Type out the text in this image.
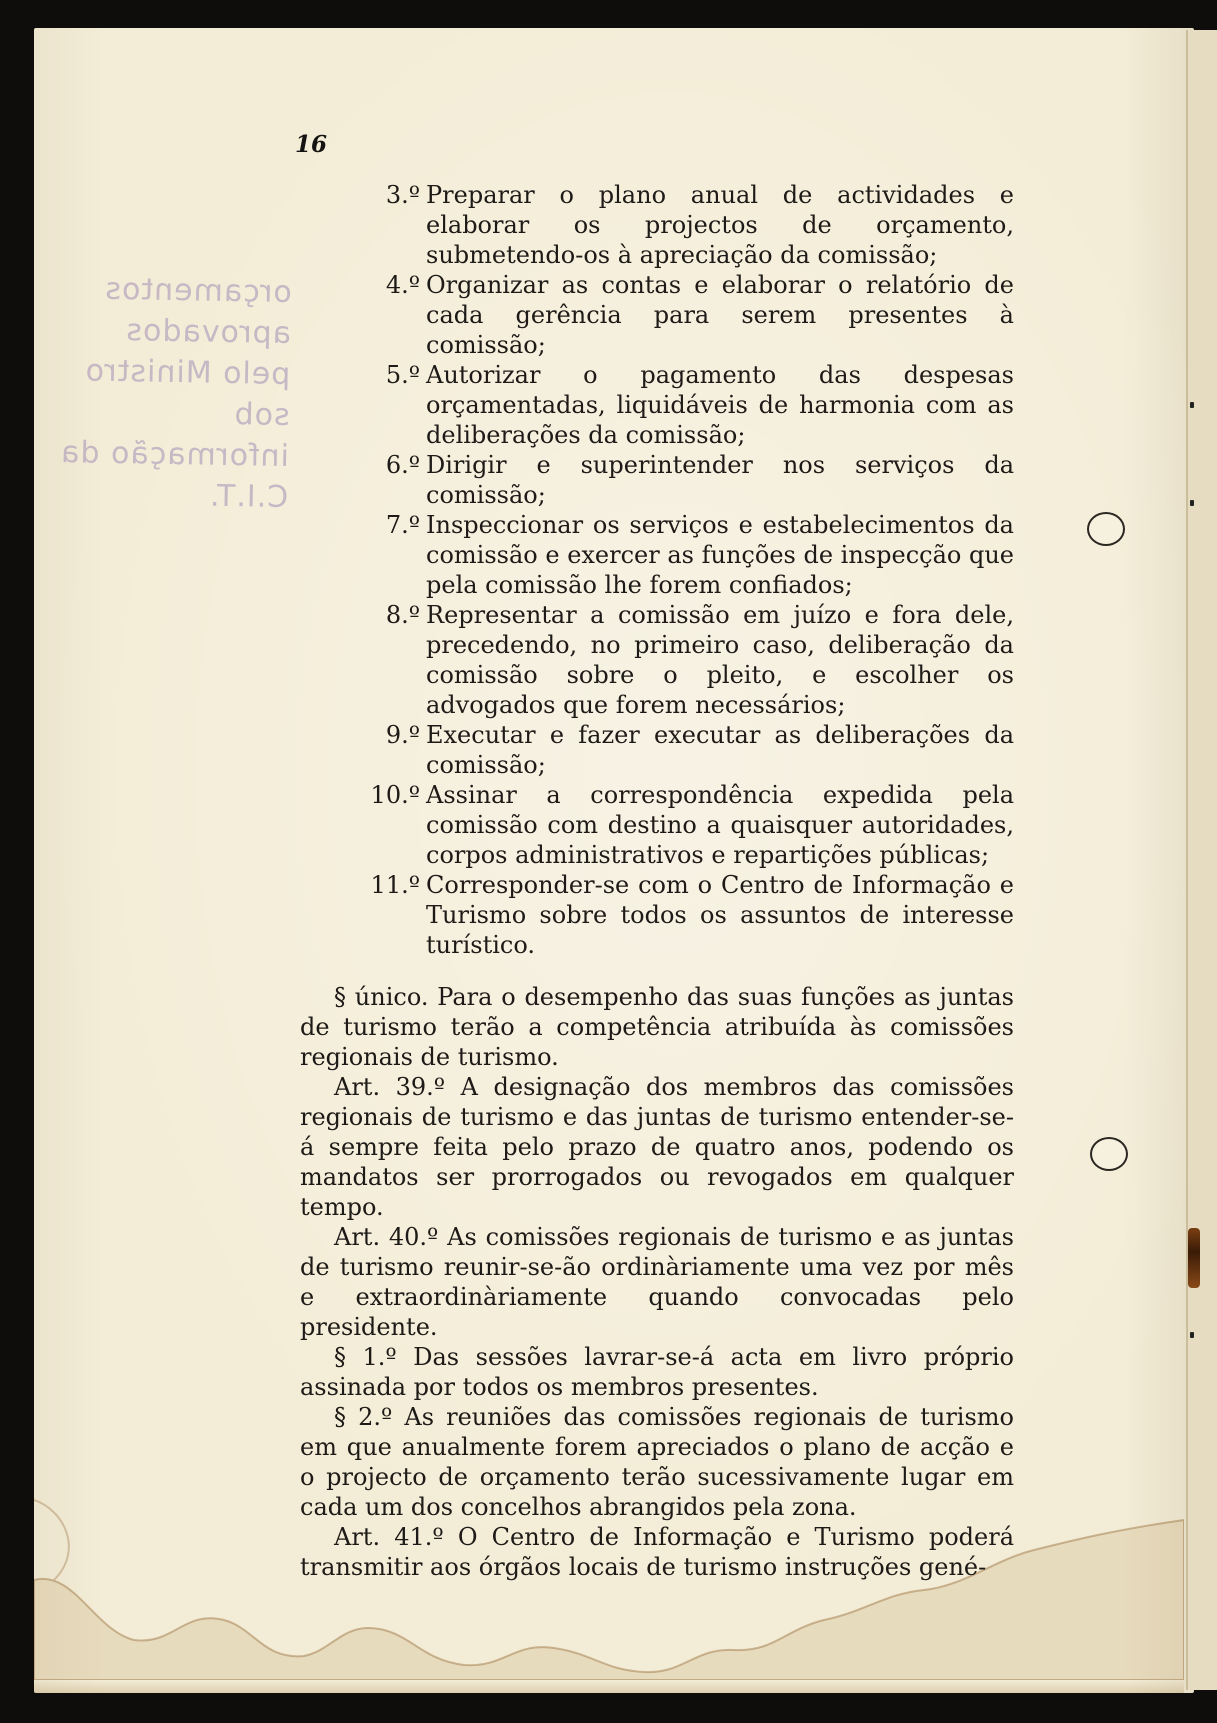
orçamentos aprovados pelo Ministro sob informação da C.I.T.
16
3.º Preparar o plano anual de actividades e elaborar os projectos de orçamento, submetendo-os à apreciação da comissão;
4.º Organizar as contas e elaborar o relatório de cada gerência para serem presentes à comissão;
5.º Autorizar o pagamento das despesas orçamentadas, liquidáveis de harmonia com as deliberações da comissão;
6.º Dirigir e superintender nos serviços da comissão;
7.º Inspeccionar os serviços e estabelecimentos da comissão e exercer as funções de inspecção que pela comissão lhe forem confiados;
8.º Representar a comissão em juízo e fora dele, precedendo, no primeiro caso, deliberação da comissão sobre o pleito, e escolher os advogados que forem necessários;
9.º Executar e fazer executar as deliberações da comissão;
10.º Assinar a correspondência expedida pela comissão com destino a quaisquer autoridades, corpos administrativos e repartições públicas;
11.º Corresponder-se com o Centro de Informação e Turismo sobre todos os assuntos de interesse turístico.

§ único. Para o desempenho das suas funções as juntas de turismo terão a competência atribuída às comissões regionais de turismo.

Art. 39.º A designação dos membros das comissões regionais de turismo e das juntas de turismo entender-se-á sempre feita pelo prazo de quatro anos, podendo os mandatos ser prorrogados ou revogados em qualquer tempo.

Art. 40.º As comissões regionais de turismo e as juntas de turismo reunir-se-ão ordinàriamente uma vez por mês e extraordinàriamente quando convocadas pelo presidente.

§ 1.º Das sessões lavrar-se-á acta em livro próprio assinada por todos os membros presentes.

§ 2.º As reuniões das comissões regionais de turismo em que anualmente forem apreciados o plano de acção e o projecto de orçamento terão sucessivamente lugar em cada um dos concelhos abrangidos pela zona.

Art. 41.º O Centro de Informação e Turismo poderá transmitir aos órgãos locais de turismo instruções gené-
